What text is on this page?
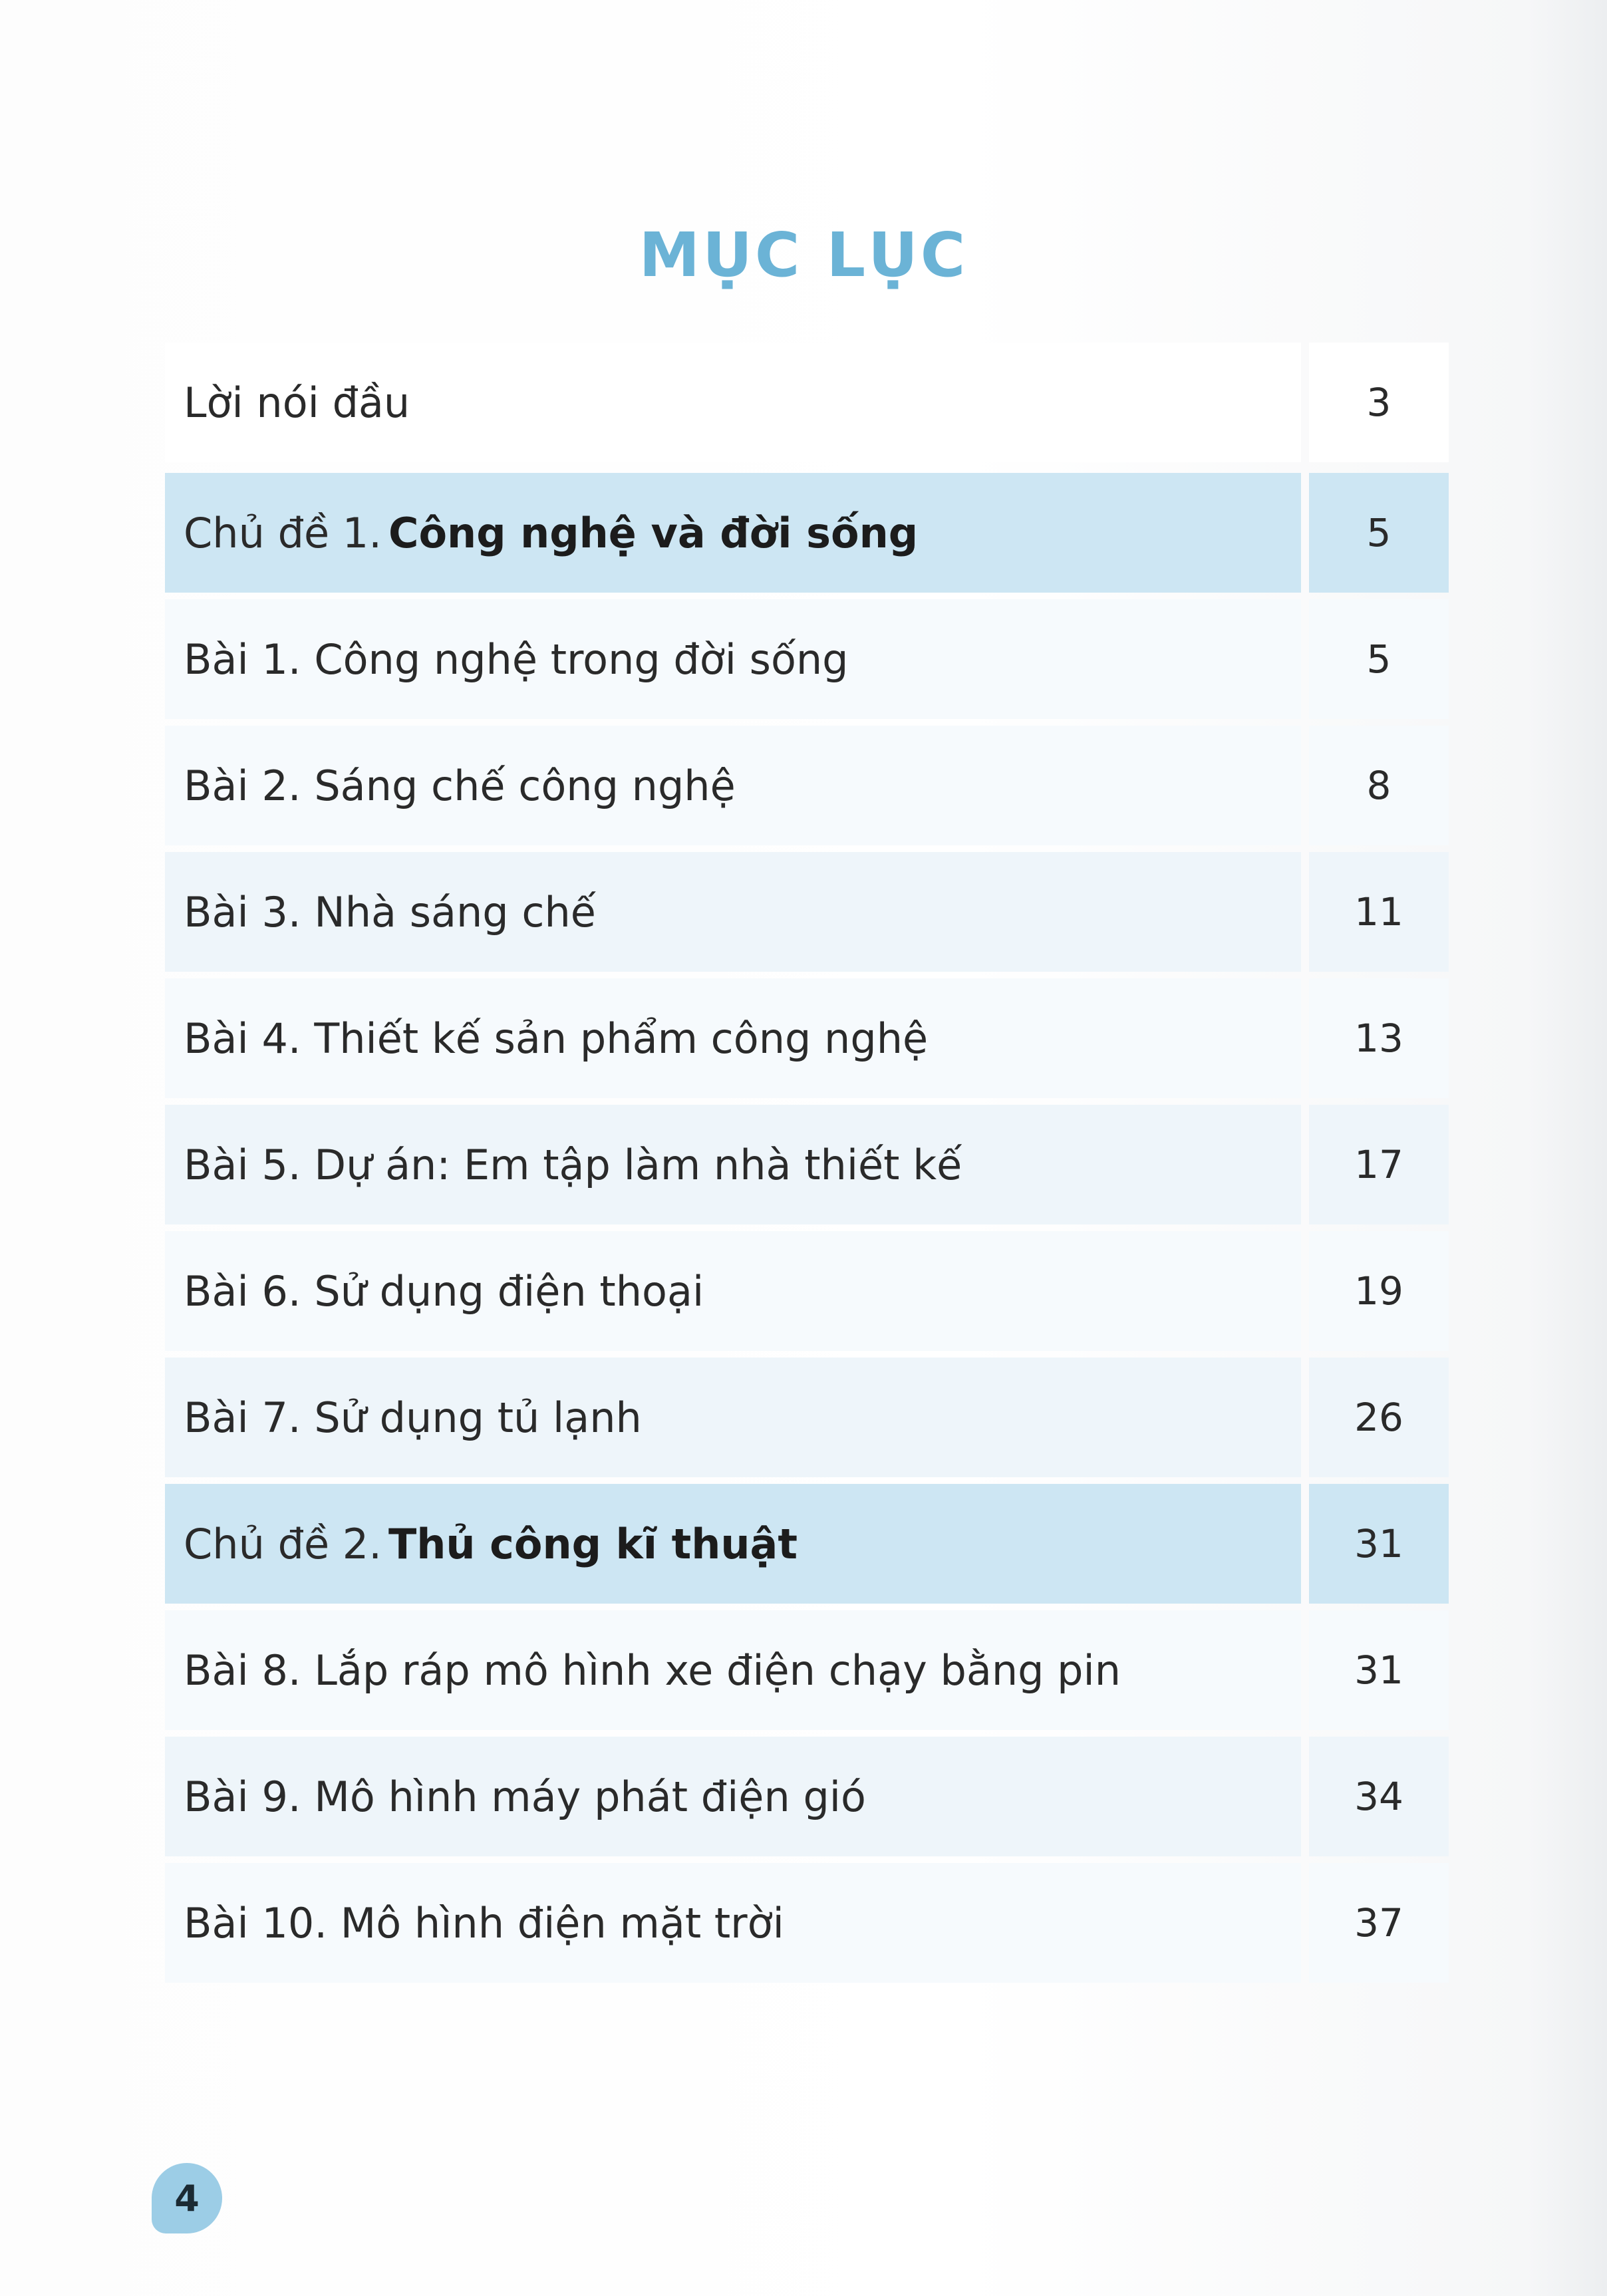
MỤC LỤC
Lời nói đầu	3
Chủ đề 1. Công nghệ và đời sống	5
Bài 1. Công nghệ trong đời sống	5
Bài 2. Sáng chế công nghệ	8
Bài 3. Nhà sáng chế	11
Bài 4. Thiết kế sản phẩm công nghệ	13
Bài 5. Dự án: Em tập làm nhà thiết kế	17
Bài 6. Sử dụng điện thoại	19
Bài 7. Sử dụng tủ lạnh	26
Chủ đề 2. Thủ công kĩ thuật	31
Bài 8. Lắp ráp mô hình xe điện chạy bằng pin	31
Bài 9. Mô hình máy phát điện gió	34
Bài 10. Mô hình điện mặt trời	37
4
